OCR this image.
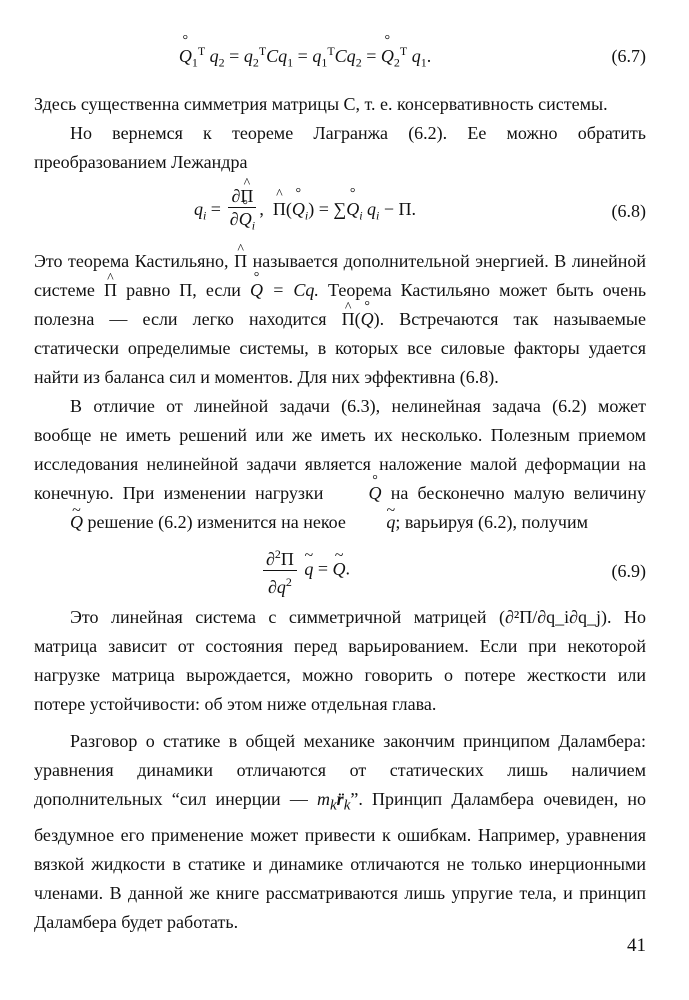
° $Q_1^T$ $q_2 = q_2^TCq_1 = q_1^TCq_2$ = ° $Q_2^T$ $q_1$.	(6.7)

Здесь существенна симметрия матрицы C, т. е. консервативность системы.

Но вернемся к теореме Лагранжа (6.2). Ее можно обратить преобразованием Лежандра

$q_i = \frac{\partial\^{} П}{\partial^\circ Q_i}$ ,  ^ П(° $Q_i$) = ∑° $Q_i$ $q_i - П$.	(6.8)

Это теорема Кастильяно, ^ П называется дополнительной энергией. В линейной системе ^ П равно П, если ° Q = Cq. Теорема Кастильяно может быть очень полезна — если легко находится ^ П(° Q). Встречаются так называемые статически определимые системы, в которых все силовые факторы удается найти из баланса сил и моментов. Для них эффективна (6.8).

В отличие от линейной задачи (6.3), нелинейная задача (6.2) может вообще не иметь решений или же иметь их несколько. Полезным приемом исследования нелинейной задачи является наложение малой деформации на конечную. При изменении нагрузки	° Q на бесконечно малую величину ~ Q решение (6.2) изменится на некое ~ q; варьируя (6.2), получим

$\frac{\partial^2П}{\partial q^2}$ ~ q = ~ Q.	(6.9)

Это линейная система с симметричной матрицей (∂²П/∂q_i∂q_j). Но матрица зависит от состояния перед варьированием. Если при некоторой нагрузке матрица вырождается, можно говорить о потере жесткости или потере устойчивости: об этом ниже отдельная глава.

Разговор о статике в общей механике закончим принципом Даламбера: уравнения динамики отличаются от статических лишь наличием дополнительных “сил инерции — $m_kr̈_k$”. Принцип Даламбера очевиден, но бездумное его применение может привести к ошибкам. Например, уравнения вязкой жидкости в статике и динамике отличаются не только инерционными членами. В данной же книге рассматриваются лишь упругие тела, и принцип Даламбера будет работать.

41
